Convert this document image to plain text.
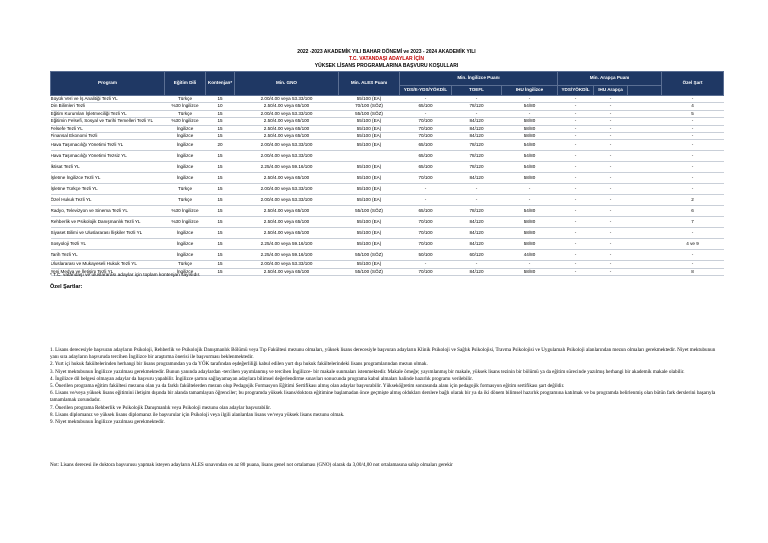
2022 -2023 AKADEMİK YILI BAHAR DÖNEMİ ve 2023 - 2024 AKADEMİK YILI
T.C. VATANDAŞI ADAYLAR İÇİN
YÜKSEK LİSANS PROGRAMLARINA BAŞVURU KOŞULLARI
Program	Eğitim Dili	Kontenjan*	Min. GNO	Min. ALES Puanı	Min. İngilizce Puanı			Min. Arapça Puanı			Özel Şart
					YDS/E-YDS/YÖKDİL	TOEFL	IHU İngilizce	YDS/YÖKDİL	IHU Arapça		
Büyük Veri ve İş Analitiği Tezli YL	Türkçe	15	2.00/4.00 veya 53.33/100	55/100 (EA)	-	-	-	-	-		-
Din Bilimleri Tezli	%30 İngilizce	10	2.50/4.00 veya 65/100	70/100 (SÖZ)	65/100	78/120	54/80	-	-		4
Eğitim Kurumları İşletmeciliği Tezli YL	Türkçe	15	2.00/4.00 veya 53.33/100	55/100 (SÖZ)	-	-	-	-	-		5
Eğitimin Felsefi, Sosyal ve Tarihi Temelleri Tezli YL	%30 İngilizce	15	2.50/4.00 veya 65/100	55/100 (EA)	70/100	84/120	58/80	-	-		-
Felsefe Tezli YL	İngilizce	15	2.50/4.00 veya 65/100	55/100 (EA)	70/100	84/120	58/80	-	-		-
Finansal Ekonomi Tezli	İngilizce	15	2.50/4.00 veya 65/100	55/100 (EA)	70/100	84/120	58/80	-	-		-
Hava Taşımacılığı Yönetimi Tezli YL	İngilizce	20	2.00/4.00 veya 53.33/100	55/100 (EA)	65/100	78/120	54/80	-	-		-
Hava Taşımacılığı Yönetimi Tezsiz YL	İngilizce	15	2.00/4.00 veya 53.33/100		65/100	78/120	54/80	-	-		-
İktisat Tezli YL	İngilizce	15	2.25/4.00 veya 59.16/100	55/100 (EA)	65/100	78/120	54/80	-	-		-
İşletme İngilizce Tezli YL	İngilizce	15	2.50/4.00 veya 65/100	55/100 (EA)	70/100	84/120	58/80	-	-		-
İşletme Türkçe Tezli YL	Türkçe	15	2.00/4.00 veya 53.33/100	55/100 (EA)	-	-	-	-	-		-
Özel Hukuk Tezli YL	Türkçe	15	2.00/4.00 veya 53.33/100	55/100 (EA)	-	-	-	-	-		2
Radyo, Televizyon ve Sinema Tezli YL	%30 İngilizce	15	2.50/4.00 veya 65/100	55/100 (SÖZ)	65/100	78/120	54/80	-	-		6
Rehberlik ve Psikolojik Danışmanlık Tezli YL	%30 İngilizce	15	2.50/4.00 veya 65/100	55/100 (EA)	70/100	84/120	58/80	-	-		7
Siyaset Bilimi ve Uluslararası İlişkiler Tezli YL	İngilizce	15	2.50/4.00 veya 65/100	55/100 (EA)	70/100	84/120	58/80	-	-		-
Sosyoloji Tezli YL	İngilizce	15	2.25/4.00 veya 59.16/100	55/100 (EA)	70/100	84/120	58/80	-	-		4 ve 9
Tarih Tezli YL	İngilizce	15	2.25/4.00 veya 59.16/100	55/100 (SÖZ)	50/100	60/120	44/80	-	-		-
Uluslararası ve Mukayeseli Hukuk Tezli YL	Türkçe	15	2.00/4.00 veya 53.33/100	55/100 (EA)	-	-	-	-	-		-
Yeni Medya ve İletişim Tezli YL	İngilizce	15	2.50/4.00 veya 65/100	55/100 (SÖZ)	70/100	84/120	58/80	-	-		8
* T.C. vatandaşı ve uluslararası adaylar için toplam kontenjan sayısıdır.
Özel Şartlar:

1. Lisans derecesiyle başvuran adayların Psikoloji, Rehberlik ve Psikolojik Danışmanlık Bölümü veya Tıp Fakültesi mezunu olmaları, yüksek lisans derecesiyle başvuran adayların Klinik Psikoloji ve Sağlık Psikolojisi, Travma Psikolojisi ve Uygulamalı Psikoloji alanlarından mezun olmaları gerekmektedir. Niyet mektubunun yanı sıra adayların başvuruda tercihen İngilizce bir araştırma önerisi ile başvurması beklenmektedir.

2. Yurt içi hukuk fakültelerinden herhangi bir lisans programından ya da YÖK tarafından eşdeğerliliği kabul edilen yurt dışı hukuk fakültelerindeki lisans programlarından mezun olmak.

3. Niyet mektubunun İngilizce yazılması gerekmektedir. Bunun yanında adaylardan -tercihen yayımlanmış ve tercihen İngilizce- bir makale sunmaları istenmektedir. Makale örneğe; yayımlanmış bir makale, yüksek lisans tezinin bir bölümü ya da eğitim sürecinde yazılmış herhangi bir akademik makale olabilir.

4. İngilizce dil belgesi olmayan adaylar da başvuru yapabilir. İngilizce şartını sağlayamayan adaylara bilimsel değerlendirme sınavları sonucunda programa kabul almaları halinde hazırlık programı verilebilir.

5. Önerilen programa eğitim fakültesi mezunu olan ya da farklı fakültelerden mezun olup Pedagojik Formasyon Eğitimi Sertifikası almış olan adaylar başvurabilir. Yükseköğretim sonrasında alanı için pedagojik formasyon eğitim sertifikası şart değildir.

6. Lisans ve/veya yüksek lisans eğitimini iletişim dışında bir alanda tamamlayan öğrenciler; bu programda yüksek lisans/doktora eğitimine başlamadan önce geçmişte almış oldukları derslere bağlı olarak bir ya da iki dönem bilimsel hazırlık programına katılmak ve bu programda belirlenmiş olan bütün fark derslerini başarıyla tamamlamak zorundadır.

7. Önerilen programa Rehberlik ve Psikolojik Danışmanlık veya Psikoloji mezunu olan adaylar başvurabilir.

8. Lisans diplomanız ve yüksek lisans diplomanız ile başvurular için Psikoloji veya ilgili alanlardan lisans ve/veya yüksek lisans mezunu olmak.

9. Niyet mektubunun İngilizce yazılması gerekmektedir.

Not: Lisans derecesi ile doktora başvurusu yapmak isteyen adayların ALES sınavından en az 80 puana, lisans genel not ortalaması (GNO) olarak da 3,00/4,00 not ortalamasına sahip olmaları gerekir
